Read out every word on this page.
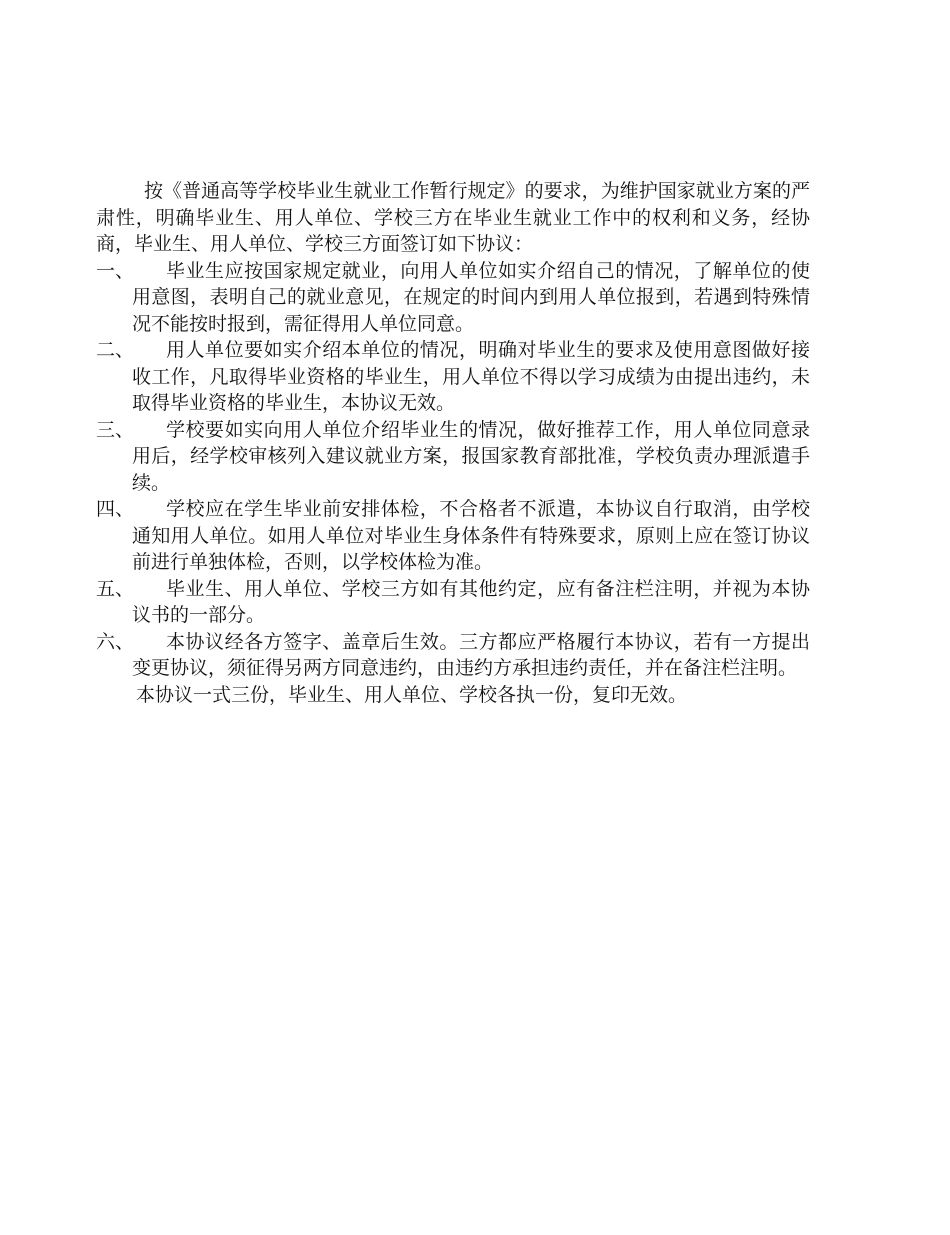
按《普通高等学校毕业生就业工作暂行规定》的要求，为维护国家就业方案的严肃性，明确毕业生、用人单位、学校三方在毕业生就业工作中的权利和义务，经协商，毕业生、用人单位、学校三方面签订如下协议：

一、	毕业生应按国家规定就业，向用人单位如实介绍自己的情况，了解单位的使用意图，表明自己的就业意见，在规定的时间内到用人单位报到，若遇到特殊情况不能按时报到，需征得用人单位同意。

二、	用人单位要如实介绍本单位的情况，明确对毕业生的要求及使用意图做好接收工作，凡取得毕业资格的毕业生，用人单位不得以学习成绩为由提出违约，未取得毕业资格的毕业生，本协议无效。

三、	学校要如实向用人单位介绍毕业生的情况，做好推荐工作，用人单位同意录用后，经学校审核列入建议就业方案，报国家教育部批准，学校负责办理派遣手续。

四、	学校应在学生毕业前安排体检，不合格者不派遣，本协议自行取消，由学校通知用人单位。如用人单位对毕业生身体条件有特殊要求，原则上应在签订协议前进行单独体检，否则，以学校体检为准。

五、	毕业生、用人单位、学校三方如有其他约定，应有备注栏注明，并视为本协议书的一部分。

六、	本协议经各方签字、盖章后生效。三方都应严格履行本协议，若有一方提出变更协议，须征得另两方同意违约，由违约方承担违约责任，并在备注栏注明。

本协议一式三份，毕业生、用人单位、学校各执一份，复印无效。
